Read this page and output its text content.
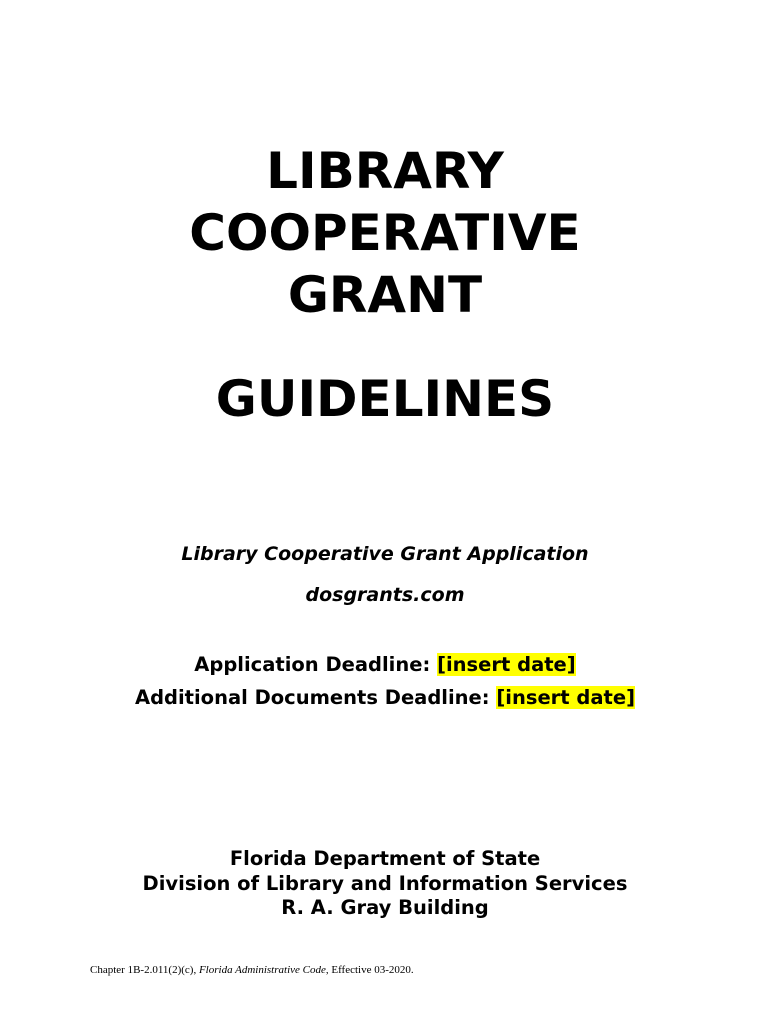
LIBRARY
COOPERATIVE
GRANT
GUIDELINES
Library Cooperative Grant Application
dosgrants.com
Application Deadline: [insert date]
Additional Documents Deadline: [insert date]
Florida Department of State
Division of Library and Information Services
R. A. Gray Building
Chapter 1B-2.011(2)(c), Florida Administrative Code, Effective 03-2020.
